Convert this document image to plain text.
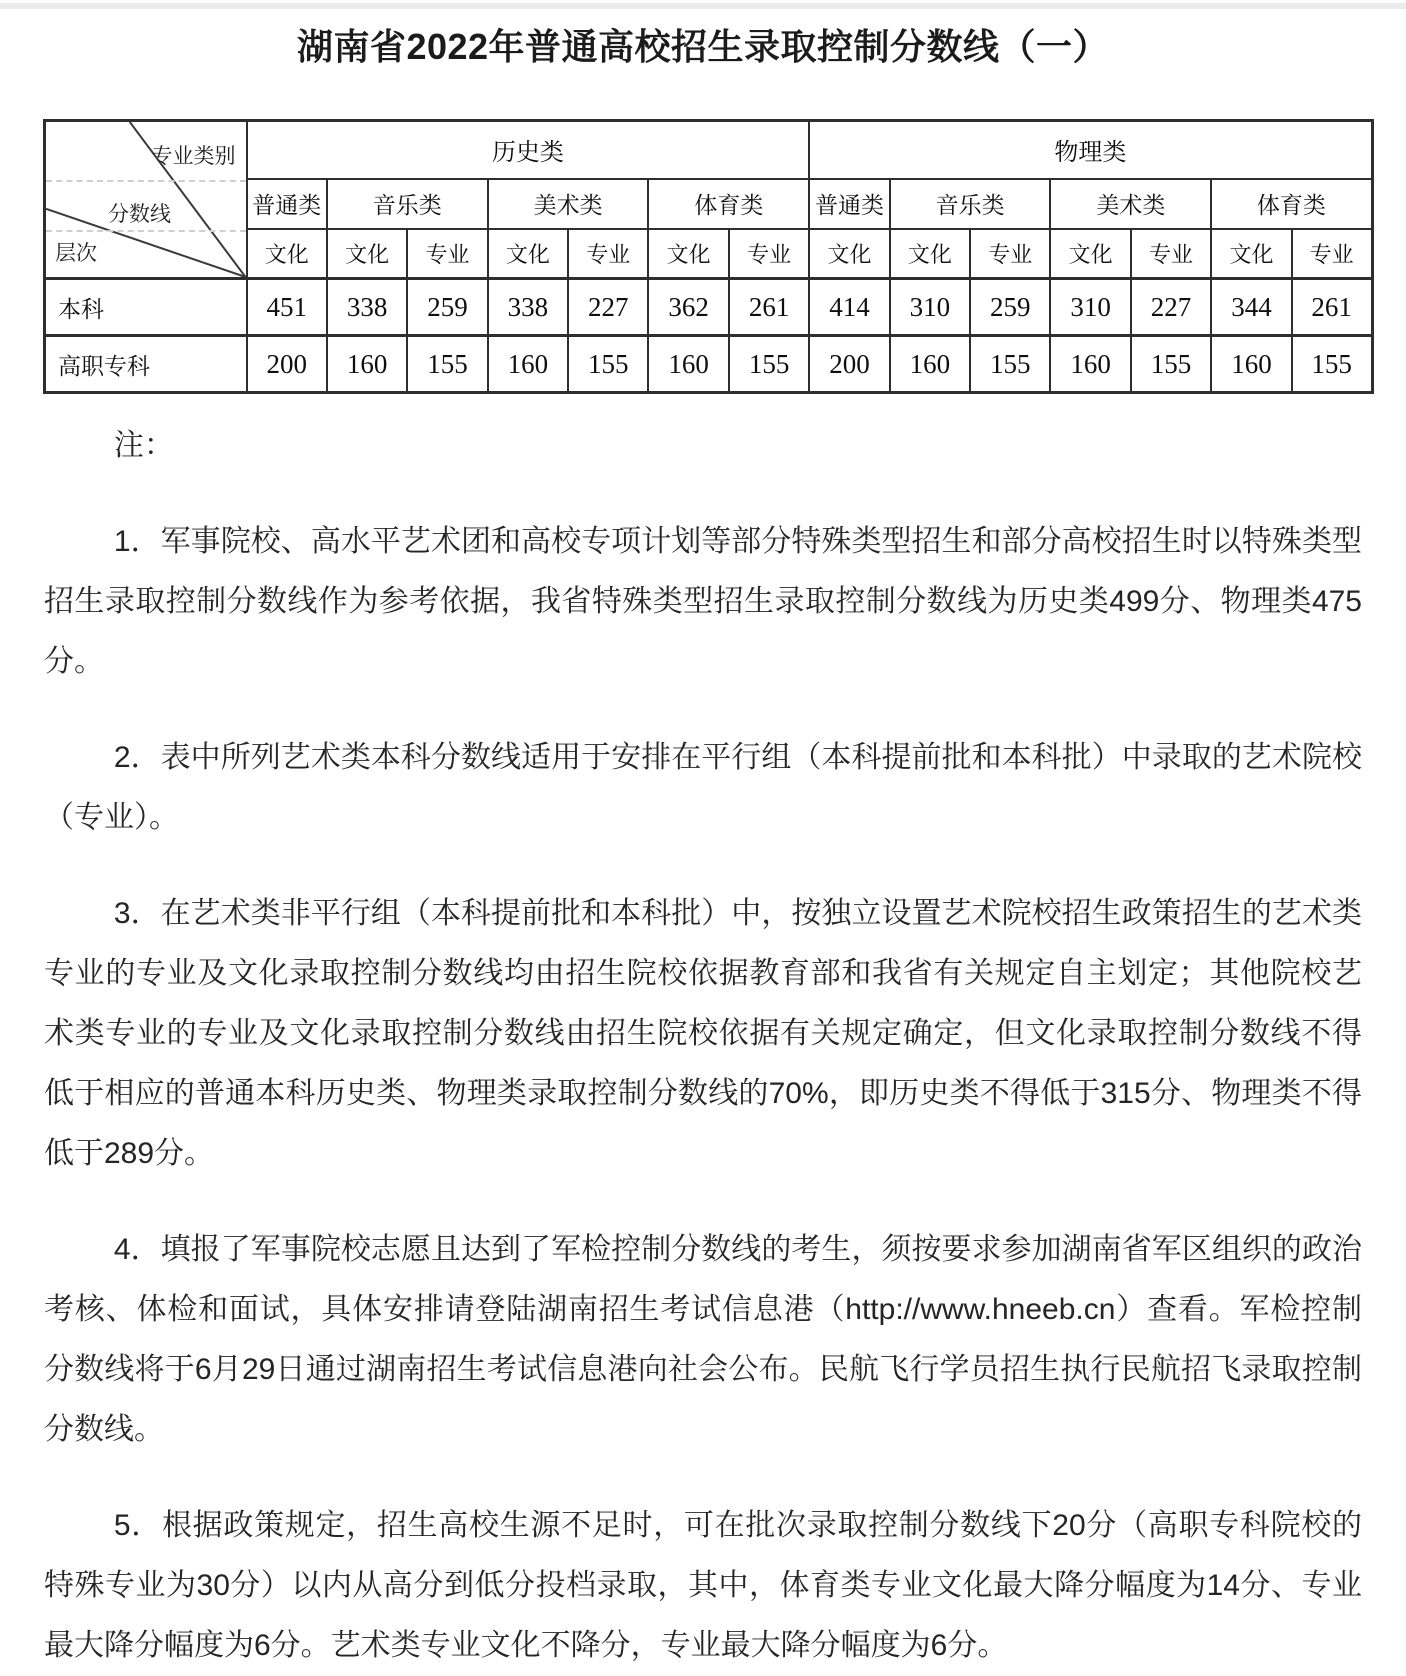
湖南省2022年普通高校招生录取控制分数线（一）
专业类别
分数线
层次	历史类							物理类						
	普通类	音乐类		美术类		体育类		普通类	音乐类		美术类		体育类	
	文化	文化	专业	文化	专业	文化	专业	文化	文化	专业	文化	专业	文化	专业
本科	451	338	259	338	227	362	261	414	310	259	310	227	344	261
高职专科	200	160	155	160	155	160	155	200	160	155	160	155	160	155

注：

1．军事院校、高水平艺术团和高校专项计划等部分特殊类型招生和部分高校招生时以特殊类型招生录取控制分数线作为参考依据，我省特殊类型招生录取控制分数线为历史类499分、物理类475分。

2．表中所列艺术类本科分数线适用于安排在平行组（本科提前批和本科批）中录取的艺术院校（专业）。

3．在艺术类非平行组（本科提前批和本科批）中，按独立设置艺术院校招生政策招生的艺术类专业的专业及文化录取控制分数线均由招生院校依据教育部和我省有关规定自主划定；其他院校艺术类专业的专业及文化录取控制分数线由招生院校依据有关规定确定，但文化录取控制分数线不得低于相应的普通本科历史类、物理类录取控制分数线的70%，即历史类不得低于315分、物理类不得低于289分。

4．填报了军事院校志愿且达到了军检控制分数线的考生，须按要求参加湖南省军区组织的政治考核、体检和面试，具体安排请登陆湖南招生考试信息港（http://www.hneeb.cn）查看。军检控制分数线将于6月29日通过湖南招生考试信息港向社会公布。民航飞行学员招生执行民航招飞录取控制分数线。

5．根据政策规定，招生高校生源不足时，可在批次录取控制分数线下20分（高职专科院校的特殊专业为30分）以内从高分到低分投档录取，其中，体育类专业文化最大降分幅度为14分、专业最大降分幅度为6分。艺术类专业文化不降分，专业最大降分幅度为6分。
